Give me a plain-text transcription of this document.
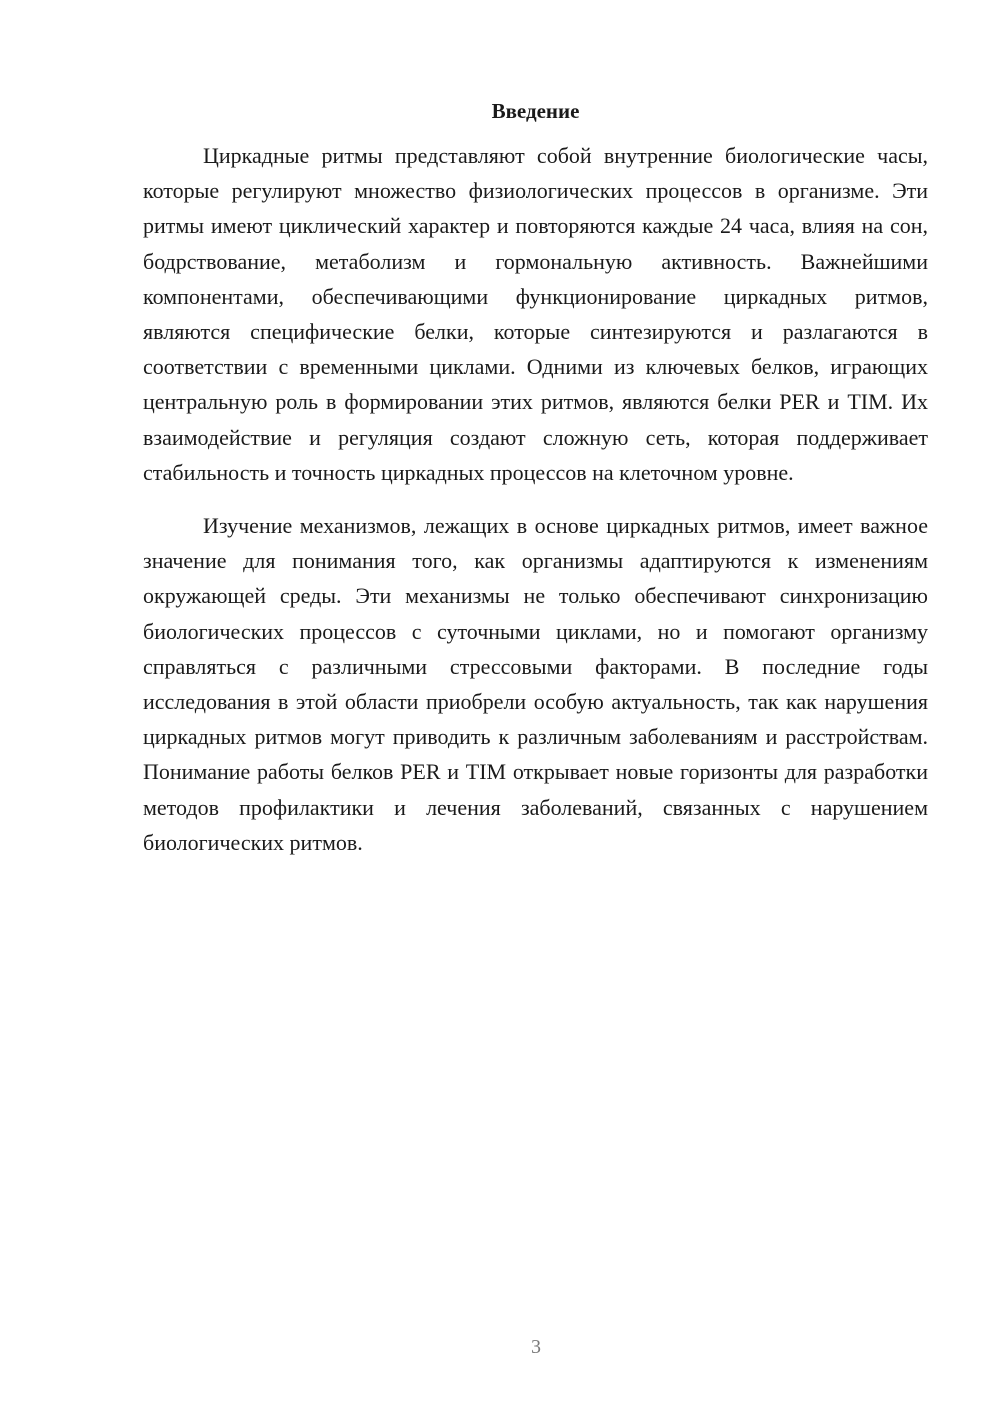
Введение

Циркадные ритмы представляют собой внутренние биологические часы, которые регулируют множество физиологических процессов в организме. Эти ритмы имеют циклический характер и повторяются каждые 24 часа, влияя на сон, бодрствование, метаболизм и гормональную активность. Важнейшими компонентами, обеспечивающими функционирование циркадных ритмов, являются специфические белки, которые синтезируются и разлагаются в соответствии с временными циклами. Одними из ключевых белков, играющих центральную роль в формировании этих ритмов, являются белки PER и TIM. Их взаимодействие и регуляция создают сложную сеть, которая поддерживает стабильность и точность циркадных процессов на клеточном уровне.

Изучение механизмов, лежащих в основе циркадных ритмов, имеет важное значение для понимания того, как организмы адаптируются к изменениям окружающей среды. Эти механизмы не только обеспечивают синхронизацию биологических процессов с суточными циклами, но и помогают организму справляться с различными стрессовыми факторами. В последние годы исследования в этой области приобрели особую актуальность, так как нарушения циркадных ритмов могут приводить к различным заболеваниям и расстройствам. Понимание работы белков PER и TIM открывает новые горизонты для разработки методов профилактики и лечения заболеваний, связанных с нарушением биологических ритмов.

3
